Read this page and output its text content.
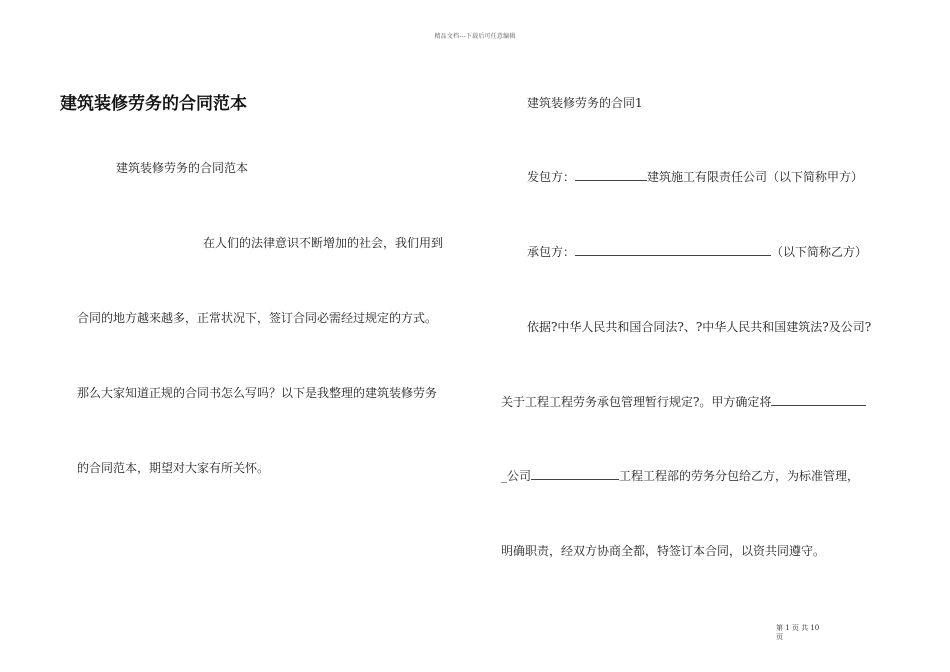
精品文档---下载后可任意编辑
建筑装修劳务的合同范本
建筑装修劳务的合同范本
在人们的法律意识不断增加的社会，我们用到
合同的地方越来越多，正常状况下，签订合同必需经过规定的方式。
那么大家知道正规的合同书怎么写吗？以下是我整理的建筑装修劳务
的合同范本，期望对大家有所关怀。
建筑装修劳务的合同1
发包方：	建筑施工有限责任公司（以下简称甲方）
承包方：	（以下简称乙方）
依据?中华人民共和国合同法?、?中华人民共和国建筑法?及公司?
关于工程工程劳务承包管理暂行规定?。甲方确定将
_公司	工程工程部的劳务分包给乙方，为标准管理，
明确职责，经双方协商全都，特签订本合同，以资共同遵守。
第 1 页 共 10
页
